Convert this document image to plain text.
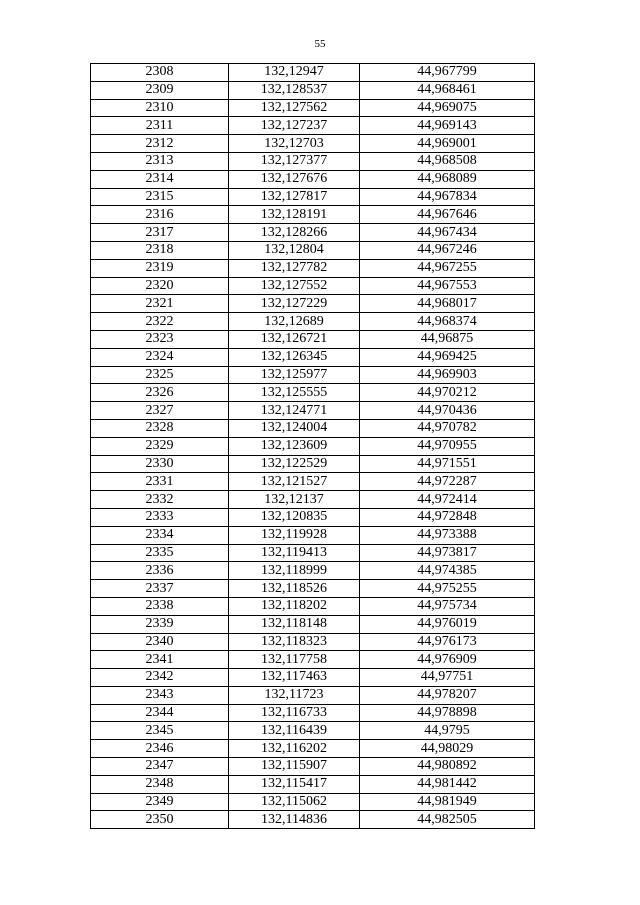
55
2308	132,12947	44,967799
2309	132,128537	44,968461
2310	132,127562	44,969075
2311	132,127237	44,969143
2312	132,12703	44,969001
2313	132,127377	44,968508
2314	132,127676	44,968089
2315	132,127817	44,967834
2316	132,128191	44,967646
2317	132,128266	44,967434
2318	132,12804	44,967246
2319	132,127782	44,967255
2320	132,127552	44,967553
2321	132,127229	44,968017
2322	132,12689	44,968374
2323	132,126721	44,96875
2324	132,126345	44,969425
2325	132,125977	44,969903
2326	132,125555	44,970212
2327	132,124771	44,970436
2328	132,124004	44,970782
2329	132,123609	44,970955
2330	132,122529	44,971551
2331	132,121527	44,972287
2332	132,12137	44,972414
2333	132,120835	44,972848
2334	132,119928	44,973388
2335	132,119413	44,973817
2336	132,118999	44,974385
2337	132,118526	44,975255
2338	132,118202	44,975734
2339	132,118148	44,976019
2340	132,118323	44,976173
2341	132,117758	44,976909
2342	132,117463	44,97751
2343	132,11723	44,978207
2344	132,116733	44,978898
2345	132,116439	44,9795
2346	132,116202	44,98029
2347	132,115907	44,980892
2348	132,115417	44,981442
2349	132,115062	44,981949
2350	132,114836	44,982505
